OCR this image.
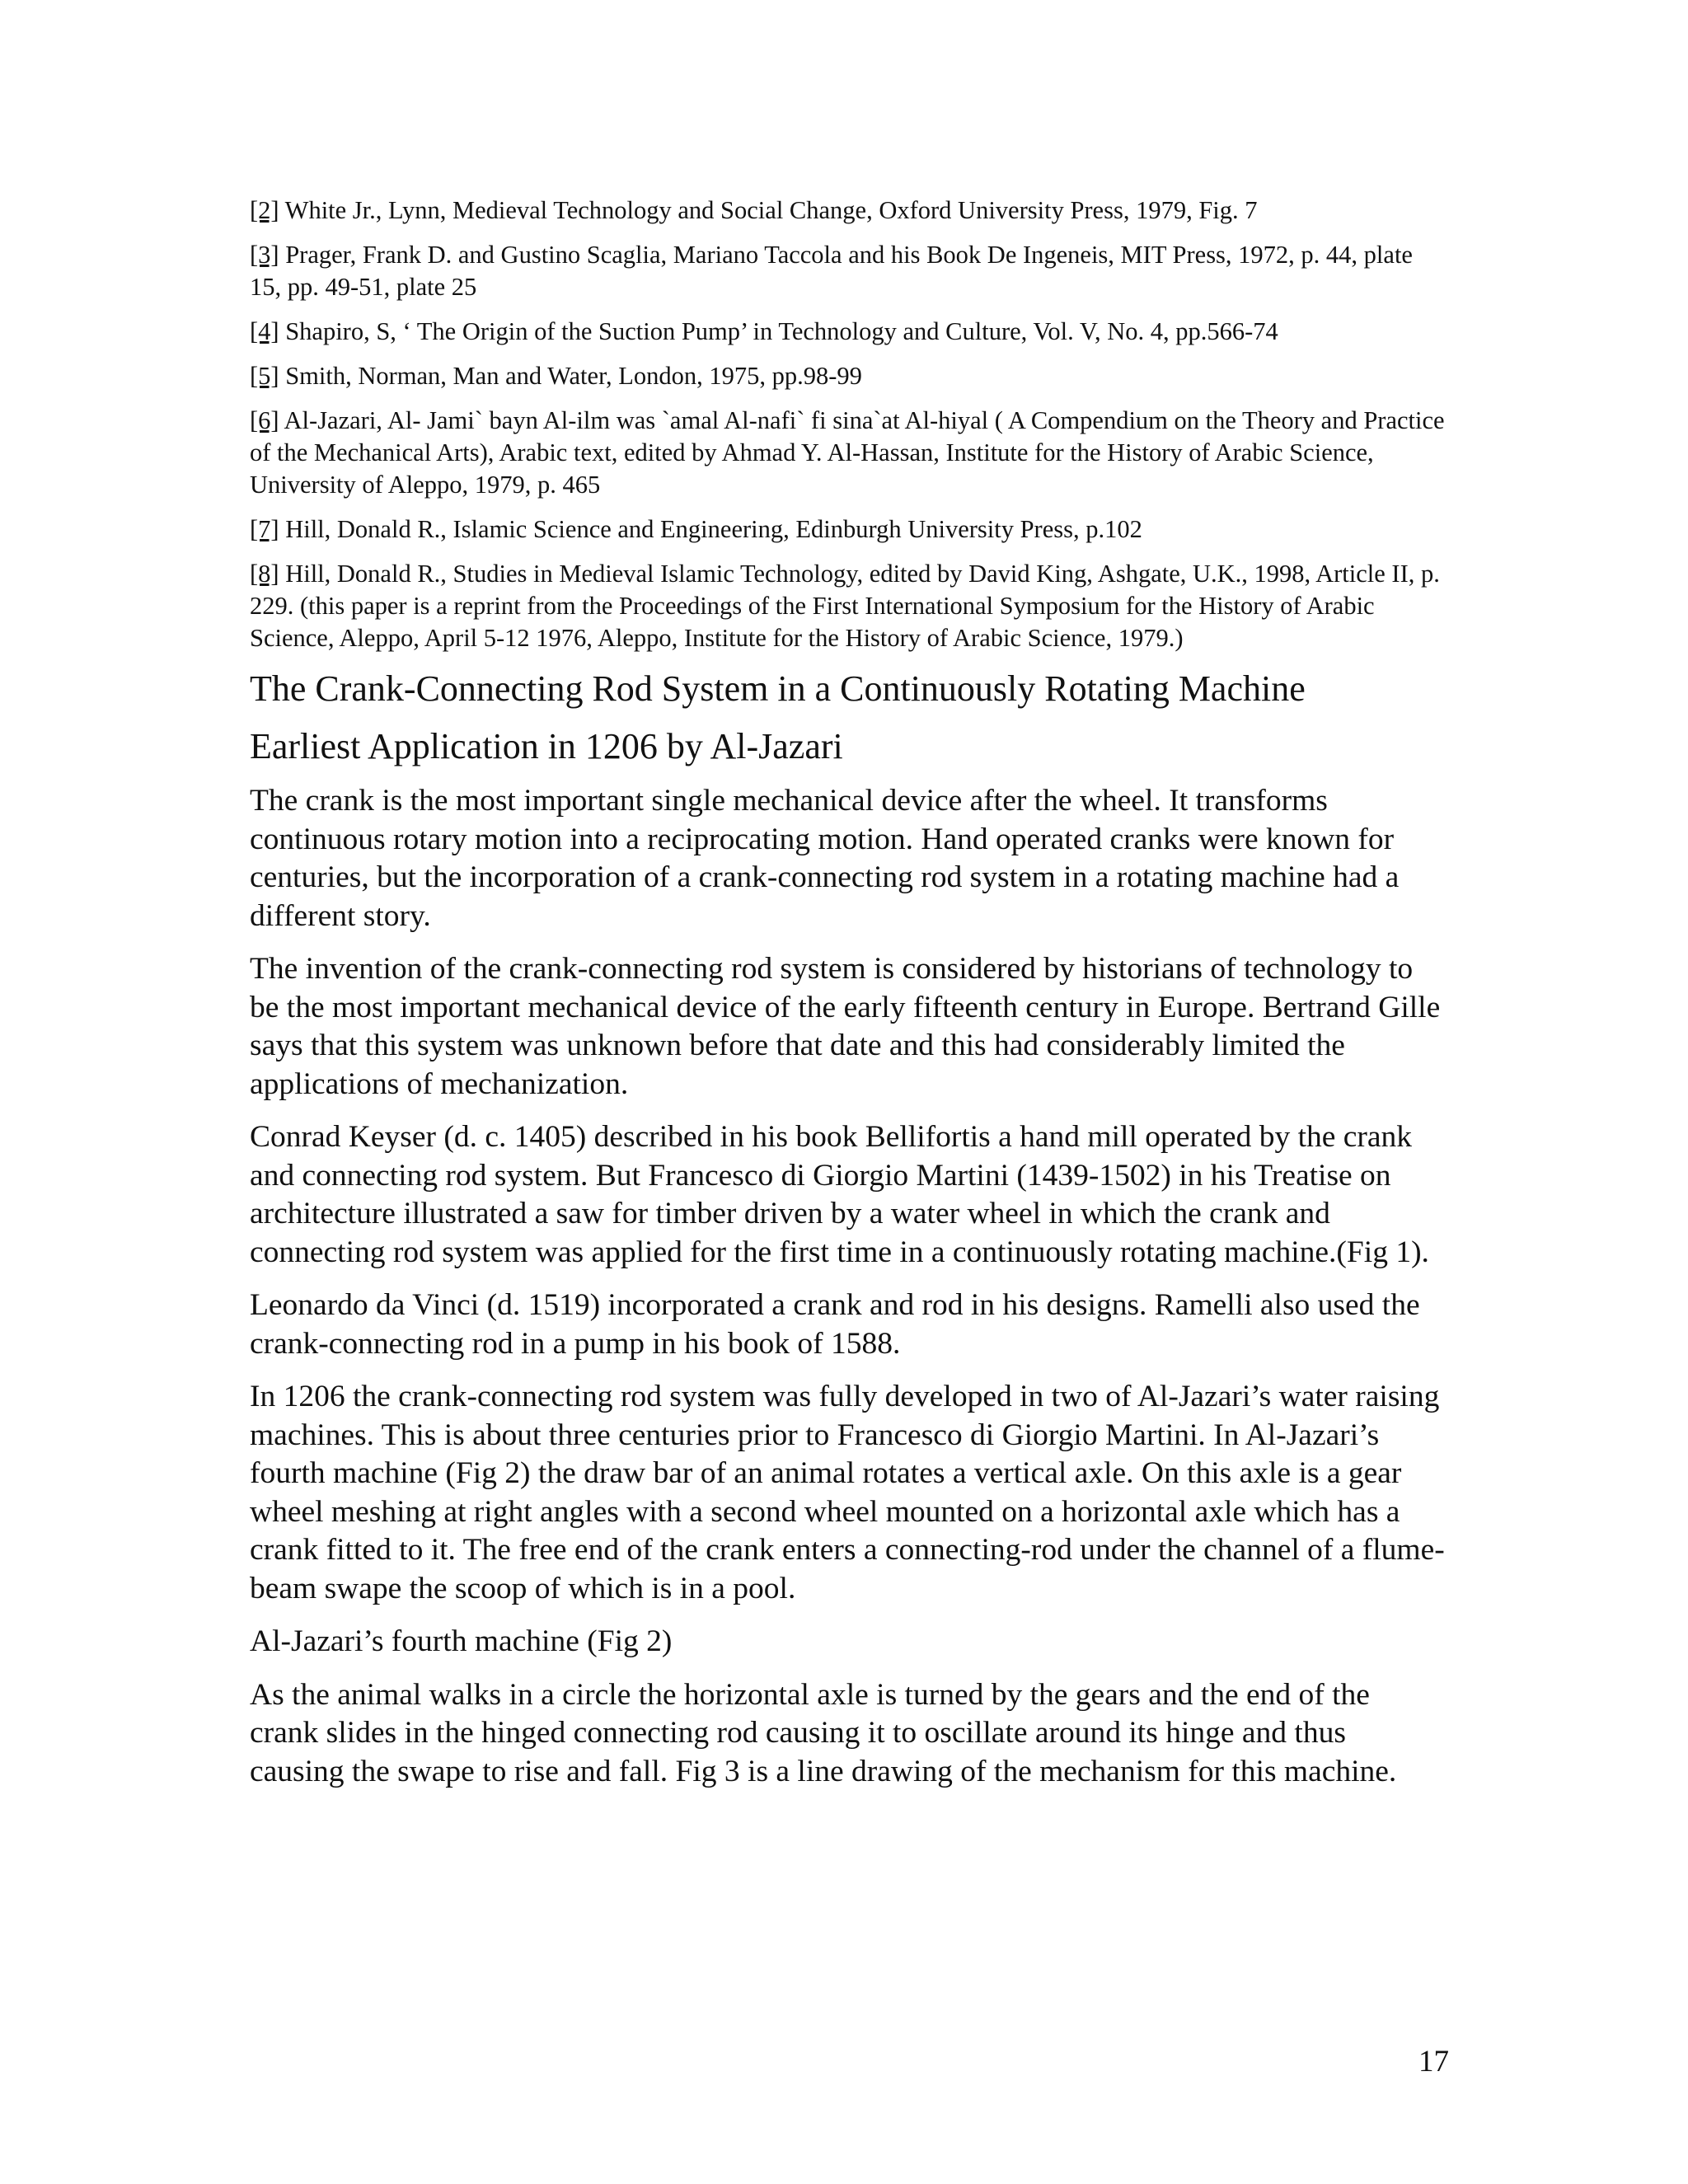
[2] White Jr., Lynn, Medieval Technology and Social Change, Oxford University Press, 1979, Fig. 7

[3] Prager, Frank D. and Gustino Scaglia, Mariano Taccola and his Book De Ingeneis, MIT Press, 1972, p. 44, plate 15, pp. 49-51, plate 25

[4] Shapiro, S, ‘ The Origin of the Suction Pump’ in Technology and Culture, Vol. V, No. 4, pp.566-74

[5] Smith, Norman, Man and Water, London, 1975, pp.98-99

[6] Al-Jazari, Al- Jami` bayn Al-ilm was `amal Al-nafi` fi sina`at Al-hiyal ( A Compendium on the Theory and Practice of the Mechanical Arts), Arabic text, edited by Ahmad Y. Al-Hassan, Institute for the History of Arabic Science, University of Aleppo, 1979, p. 465

[7] Hill, Donald R., Islamic Science and Engineering, Edinburgh University Press, p.102

[8] Hill, Donald R., Studies in Medieval Islamic Technology, edited by David King, Ashgate, U.K., 1998, Article II, p. 229. (this paper is a reprint from the Proceedings of the First International Symposium for the History of Arabic Science, Aleppo, April 5-12 1976, Aleppo, Institute for the History of Arabic Science, 1979.)

The Crank-Connecting Rod System in a Continuously Rotating Machine
Earliest Application in 1206 by Al-Jazari

The crank is the most important single mechanical device after the wheel. It transforms continuous rotary motion into a reciprocating motion. Hand operated cranks were known for centuries, but the incorporation of a crank-connecting rod system in a rotating machine had a different story.

The invention of the crank-connecting rod system is considered by historians of technology to be the most important mechanical device of the early fifteenth century in Europe. Bertrand Gille says that this system was unknown before that date and this had considerably limited the applications of mechanization.

Conrad Keyser (d. c. 1405) described in his book Bellifortis a hand mill operated by the crank and connecting rod system. But Francesco di Giorgio Martini (1439-1502) in his Treatise on architecture illustrated a saw for timber driven by a water wheel in which the crank and connecting rod system was applied for the first time in a continuously rotating machine.(Fig 1).

Leonardo da Vinci (d. 1519) incorporated a crank and rod in his designs. Ramelli also used the crank-connecting rod in a pump in his book of 1588.

In 1206 the crank-connecting rod system was fully developed in two of Al-Jazari’s water raising machines. This is about three centuries prior to Francesco di Giorgio Martini. In Al-Jazari’s fourth machine (Fig 2) the draw bar of an animal rotates a vertical axle. On this axle is a gear wheel meshing at right angles with a second wheel mounted on a horizontal axle which has a crank fitted to it. The free end of the crank enters a connecting-rod under the channel of a flume-beam swape the scoop of which is in a pool.

Al-Jazari’s fourth machine (Fig 2)

As the animal walks in a circle the horizontal axle is turned by the gears and the end of the crank slides in the hinged connecting rod causing it to oscillate around its hinge and thus causing the swape to rise and fall. Fig 3 is a line drawing of the mechanism for this machine.

17
